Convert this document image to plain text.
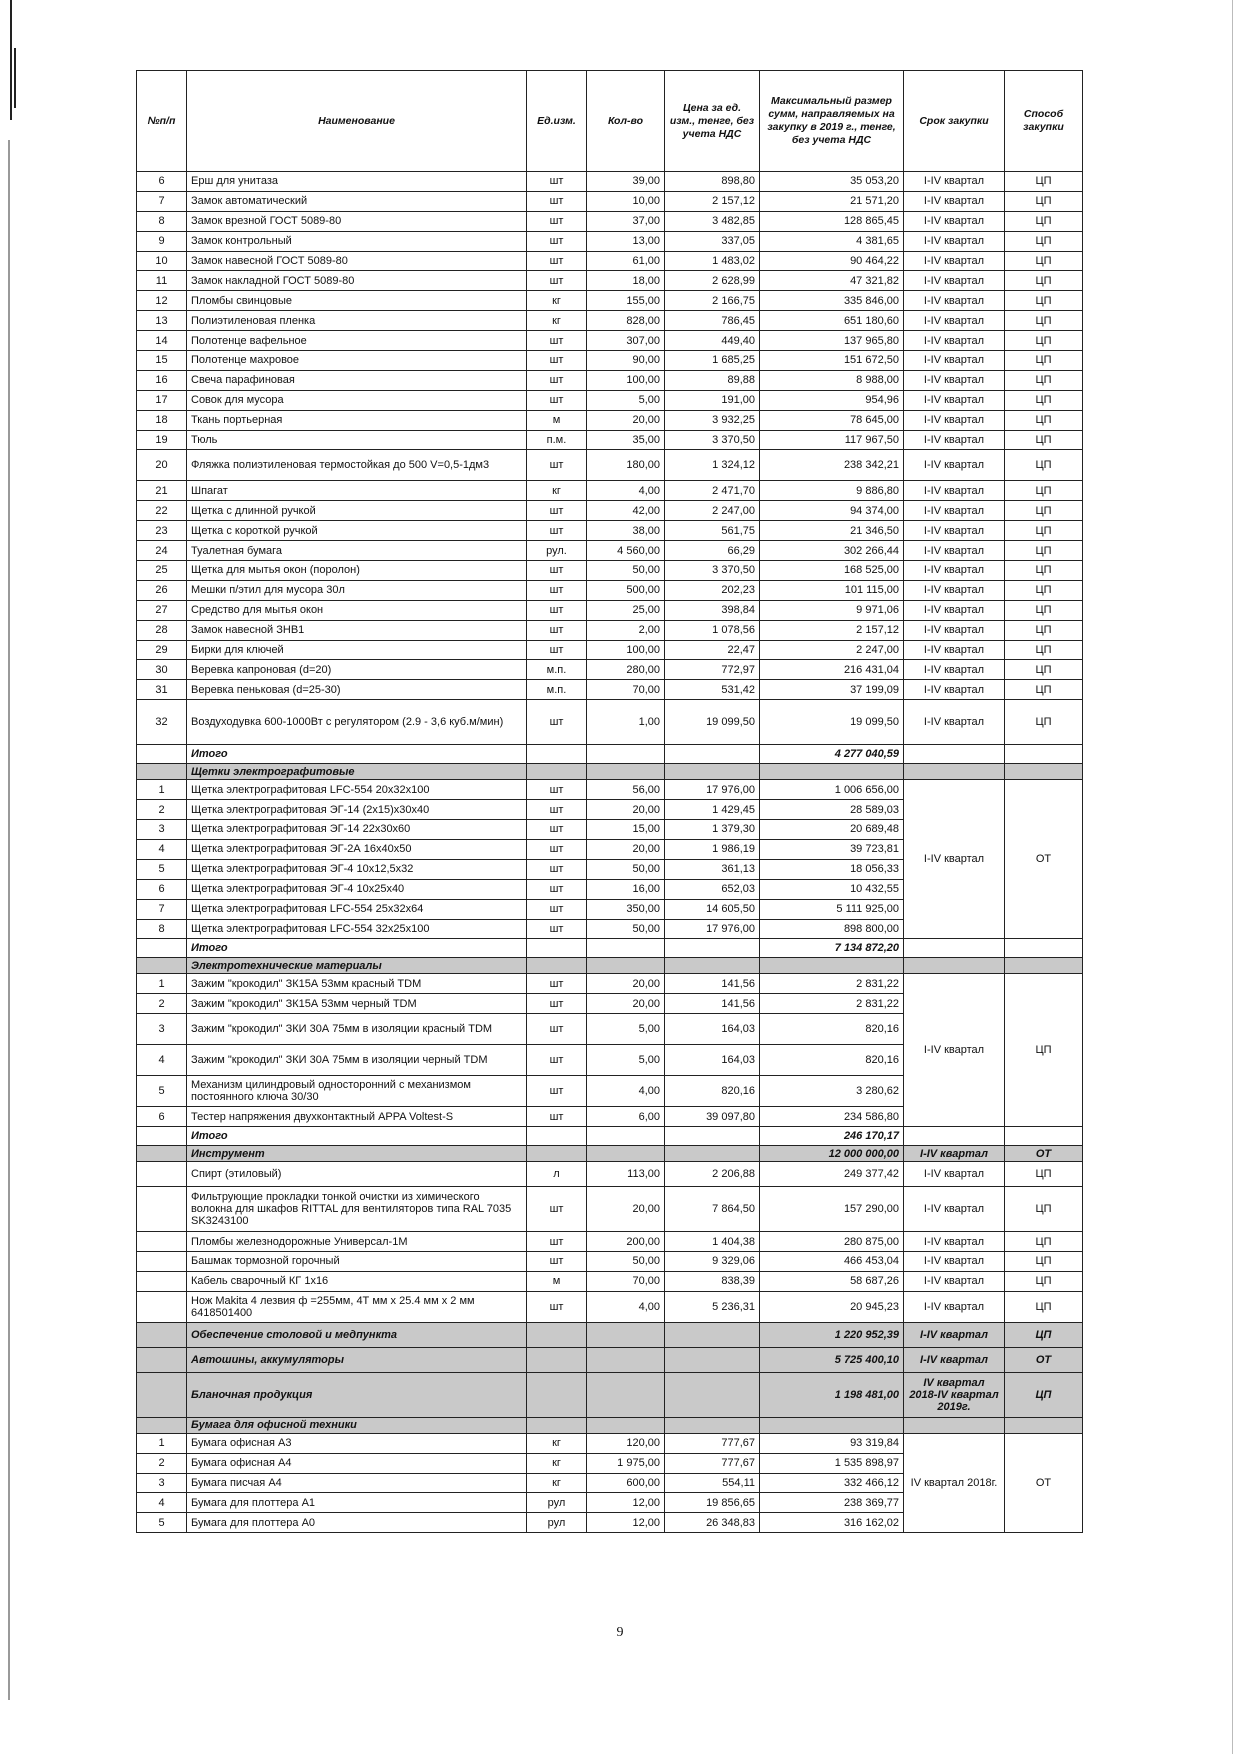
№п/п	Наименование	Ед.изм.	Кол-во	Цена за ед. изм., тенге, без учета НДС	Максимальный размер сумм, направляемых на закупку в 2019 г., тенге, без учета НДС	Срок закупки	Способ закупки	
6	Ерш для унитаза	шт	39,00	898,80	35 053,20	I-IV квартал	ЦП	
7	Замок автоматический	шт	10,00	2 157,12	21 571,20	I-IV квартал	ЦП	
8	Замок врезной ГОСТ 5089-80	шт	37,00	3 482,85	128 865,45	I-IV квартал	ЦП	
9	Замок контрольный	шт	13,00	337,05	4 381,65	I-IV квартал	ЦП	
10	Замок навесной ГОСТ 5089-80	шт	61,00	1 483,02	90 464,22	I-IV квартал	ЦП	
11	Замок накладной ГОСТ 5089-80	шт	18,00	2 628,99	47 321,82	I-IV квартал	ЦП	
12	Пломбы свинцовые	кг	155,00	2 166,75	335 846,00	I-IV квартал	ЦП	
13	Полиэтиленовая пленка	кг	828,00	786,45	651 180,60	I-IV квартал	ЦП	
14	Полотенце вафельное	шт	307,00	449,40	137 965,80	I-IV квартал	ЦП	
15	Полотенце махровое	шт	90,00	1 685,25	151 672,50	I-IV квартал	ЦП	
16	Свеча парафиновая	шт	100,00	89,88	8 988,00	I-IV квартал	ЦП	
17	Совок для мусора	шт	5,00	191,00	954,96	I-IV квартал	ЦП	
18	Ткань портьерная	м	20,00	3 932,25	78 645,00	I-IV квартал	ЦП	
19	Тюль	п.м.	35,00	3 370,50	117 967,50	I-IV квартал	ЦП	
20	Фляжка полиэтиленовая термостойкая до 500 V=0,5-1дм3	шт	180,00	1 324,12	238 342,21	I-IV квартал	ЦП	
21	Шпагат	кг	4,00	2 471,70	9 886,80	I-IV квартал	ЦП	
22	Щетка с длинной ручкой	шт	42,00	2 247,00	94 374,00	I-IV квартал	ЦП	
23	Щетка с короткой ручкой	шт	38,00	561,75	21 346,50	I-IV квартал	ЦП	
24	Туалетная бумага	рул.	4 560,00	66,29	302 266,44	I-IV квартал	ЦП	
25	Щетка для мытья окон (поролон)	шт	50,00	3 370,50	168 525,00	I-IV квартал	ЦП	
26	Мешки п/этил для мусора 30л	шт	500,00	202,23	101 115,00	I-IV квартал	ЦП	
27	Средство для мытья окон	шт	25,00	398,84	9 971,06	I-IV квартал	ЦП	
28	Замок навесной ЗНВ1	шт	2,00	1 078,56	2 157,12	I-IV квартал	ЦП	
29	Бирки для ключей	шт	100,00	22,47	2 247,00	I-IV квартал	ЦП	
30	Веревка капроновая (d=20)	м.п.	280,00	772,97	216 431,04	I-IV квартал	ЦП	
31	Веревка пеньковая (d=25-30)	м.п.	70,00	531,42	37 199,09	I-IV квартал	ЦП	
32	Воздуходувка 600-1000Вт с регулятором (2.9 - 3,6 куб.м/мин)	шт	1,00	19 099,50	19 099,50	I-IV квартал	ЦП	
	Итого				4 277 040,59			
	Щетки электрографитовые							
1	Щетка электрографитовая LFC-554 20х32х100	шт	56,00	17 976,00	1 006 656,00	I-IV квартал	ОТ	
2	Щетка электрографитовая ЭГ-14 (2х15)х30х40	шт	20,00	1 429,45	28 589,03			
3	Щетка электрографитовая ЭГ-14 22х30х60	шт	15,00	1 379,30	20 689,48			
4	Щетка электрографитовая ЭГ-2А 16х40х50	шт	20,00	1 986,19	39 723,81			
5	Щетка электрографитовая ЭГ-4 10х12,5х32	шт	50,00	361,13	18 056,33			
6	Щетка электрографитовая ЭГ-4 10х25х40	шт	16,00	652,03	10 432,55			
7	Щетка электрографитовая LFC-554 25х32х64	шт	350,00	14 605,50	5 111 925,00			
8	Щетка электрографитовая LFC-554 32х25х100	шт	50,00	17 976,00	898 800,00			
	Итого				7 134 872,20			
	Электротехнические материалы							
1	Зажим "крокодил" ЗК15А 53мм красный TDM	шт	20,00	141,56	2 831,22	I-IV квартал	ЦП	
2	Зажим "крокодил" ЗК15А 53мм черный TDM	шт	20,00	141,56	2 831,22			
3	Зажим "крокодил" ЗКИ 30А 75мм в изоляции красный TDM	шт	5,00	164,03	820,16			
4	Зажим "крокодил" ЗКИ 30А 75мм в изоляции черный TDM	шт	5,00	164,03	820,16			
5	Механизм цилиндровый односторонний с механизмом постоянного ключа 30/30	шт	4,00	820,16	3 280,62			
6	Тестер напряжения двухконтактный APPA Voltest-S	шт	6,00	39 097,80	234 586,80			
	Итого				246 170,17			
	Инструмент				12 000 000,00	I-IV квартал	ОТ	
	Спирт (этиловый)	л	113,00	2 206,88	249 377,42	I-IV квартал	ЦП	
	Фильтрующие прокладки тонкой очистки из химического волокна для шкафов RITTAL для вентиляторов типа RAL 7035 SK3243100	шт	20,00	7 864,50	157 290,00	I-IV квартал	ЦП	
	Пломбы железнодорожные Универсал-1М	шт	200,00	1 404,38	280 875,00	I-IV квартал	ЦП	
	Башмак тормозной горочный	шт	50,00	9 329,06	466 453,04	I-IV квартал	ЦП	
	Кабель сварочный КГ 1х16	м	70,00	838,39	58 687,26	I-IV квартал	ЦП	
	Нож Makita 4 лезвия ф =255мм, 4Т мм х 25.4 мм х 2 мм 6418501400	шт	4,00	5 236,31	20 945,23	I-IV квартал	ЦП	
	Обеспечение столовой и медпункта				1 220 952,39	I-IV квартал	ЦП	
	Автошины, аккумуляторы				5 725 400,10	I-IV квартал	ОТ	
	Бланочная продукция				1 198 481,00	IV квартал 2018-IV квартал 2019г.	ЦП	
	Бумага для офисной техники							
1	Бумага офисная А3	кг	120,00	777,67	93 319,84	IV квартал 2018г.	ОТ	
2	Бумага офисная А4	кг	1 975,00	777,67	1 535 898,97			
3	Бумага писчая А4	кг	600,00	554,11	332 466,12			
4	Бумага для плоттера А1	рул	12,00	19 856,65	238 369,77			
5	Бумага для плоттера А0	рул	12,00	26 348,83	316 162,02			
9
